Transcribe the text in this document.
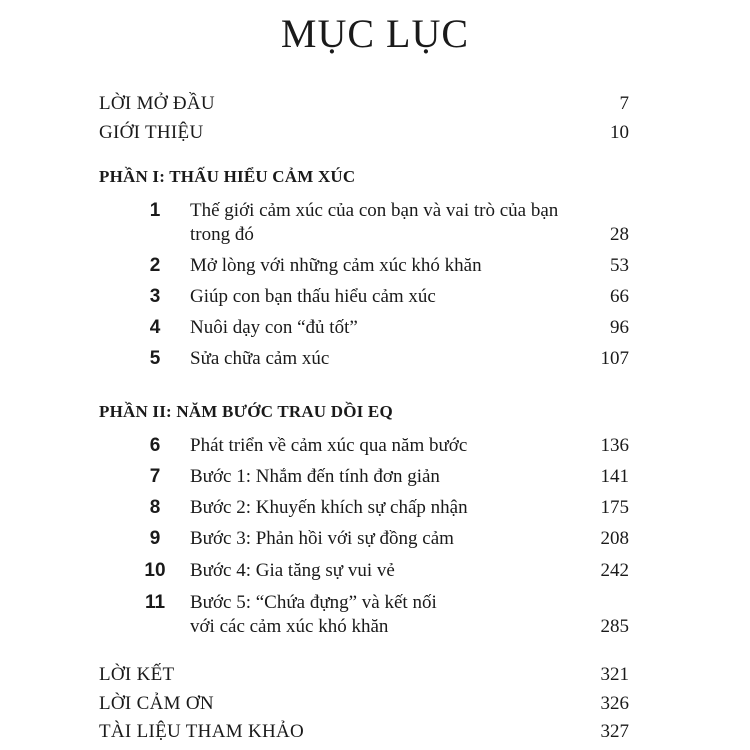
MỤC LỤC
LỜI MỞ ĐẦU	7
GIỚI THIỆU	10
PHẦN I: THẤU HIỂU CẢM XÚC
1	Thế giới cảm xúc của con bạn và vai trò của bạn
trong đó	28
2	Mở lòng với những cảm xúc khó khăn	53
3	Giúp con bạn thấu hiểu cảm xúc	66
4	Nuôi dạy con “đủ tốt”	96
5	Sửa chữa cảm xúc	107
PHẦN II: NĂM BƯỚC TRAU DỒI EQ
6	Phát triển về cảm xúc qua năm bước	136
7	Bước 1: Nhắm đến tính đơn giản	141
8	Bước 2: Khuyến khích sự chấp nhận	175
9	Bước 3: Phản hồi với sự đồng cảm	208
10 Bước 4: Gia tăng sự vui vẻ	242
11 Bước 5: “Chứa đựng” và kết nối
với các cảm xúc khó khăn	285
LỜI KẾT	321
LỜI CẢM ƠN	326
TÀI LIỆU THAM KHẢO	327
